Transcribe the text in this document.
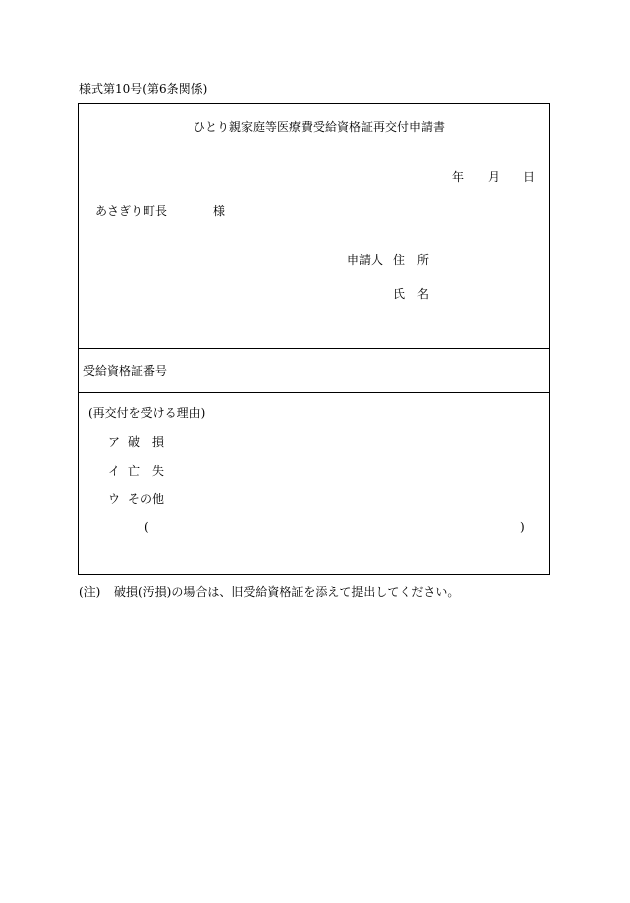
様式第10号(第6条関係)
ひとり親家庭等医療費受給資格証再交付申請書
年 月 日
あさぎり町長	様
申請人 住　所
氏　名
受給資格証番号
(再交付を受ける理由)
ア 破　損
イ 亡　失
ウ その他
(	)
(注) 破損(汚損)の場合は、旧受給資格証を添えて提出してください。
